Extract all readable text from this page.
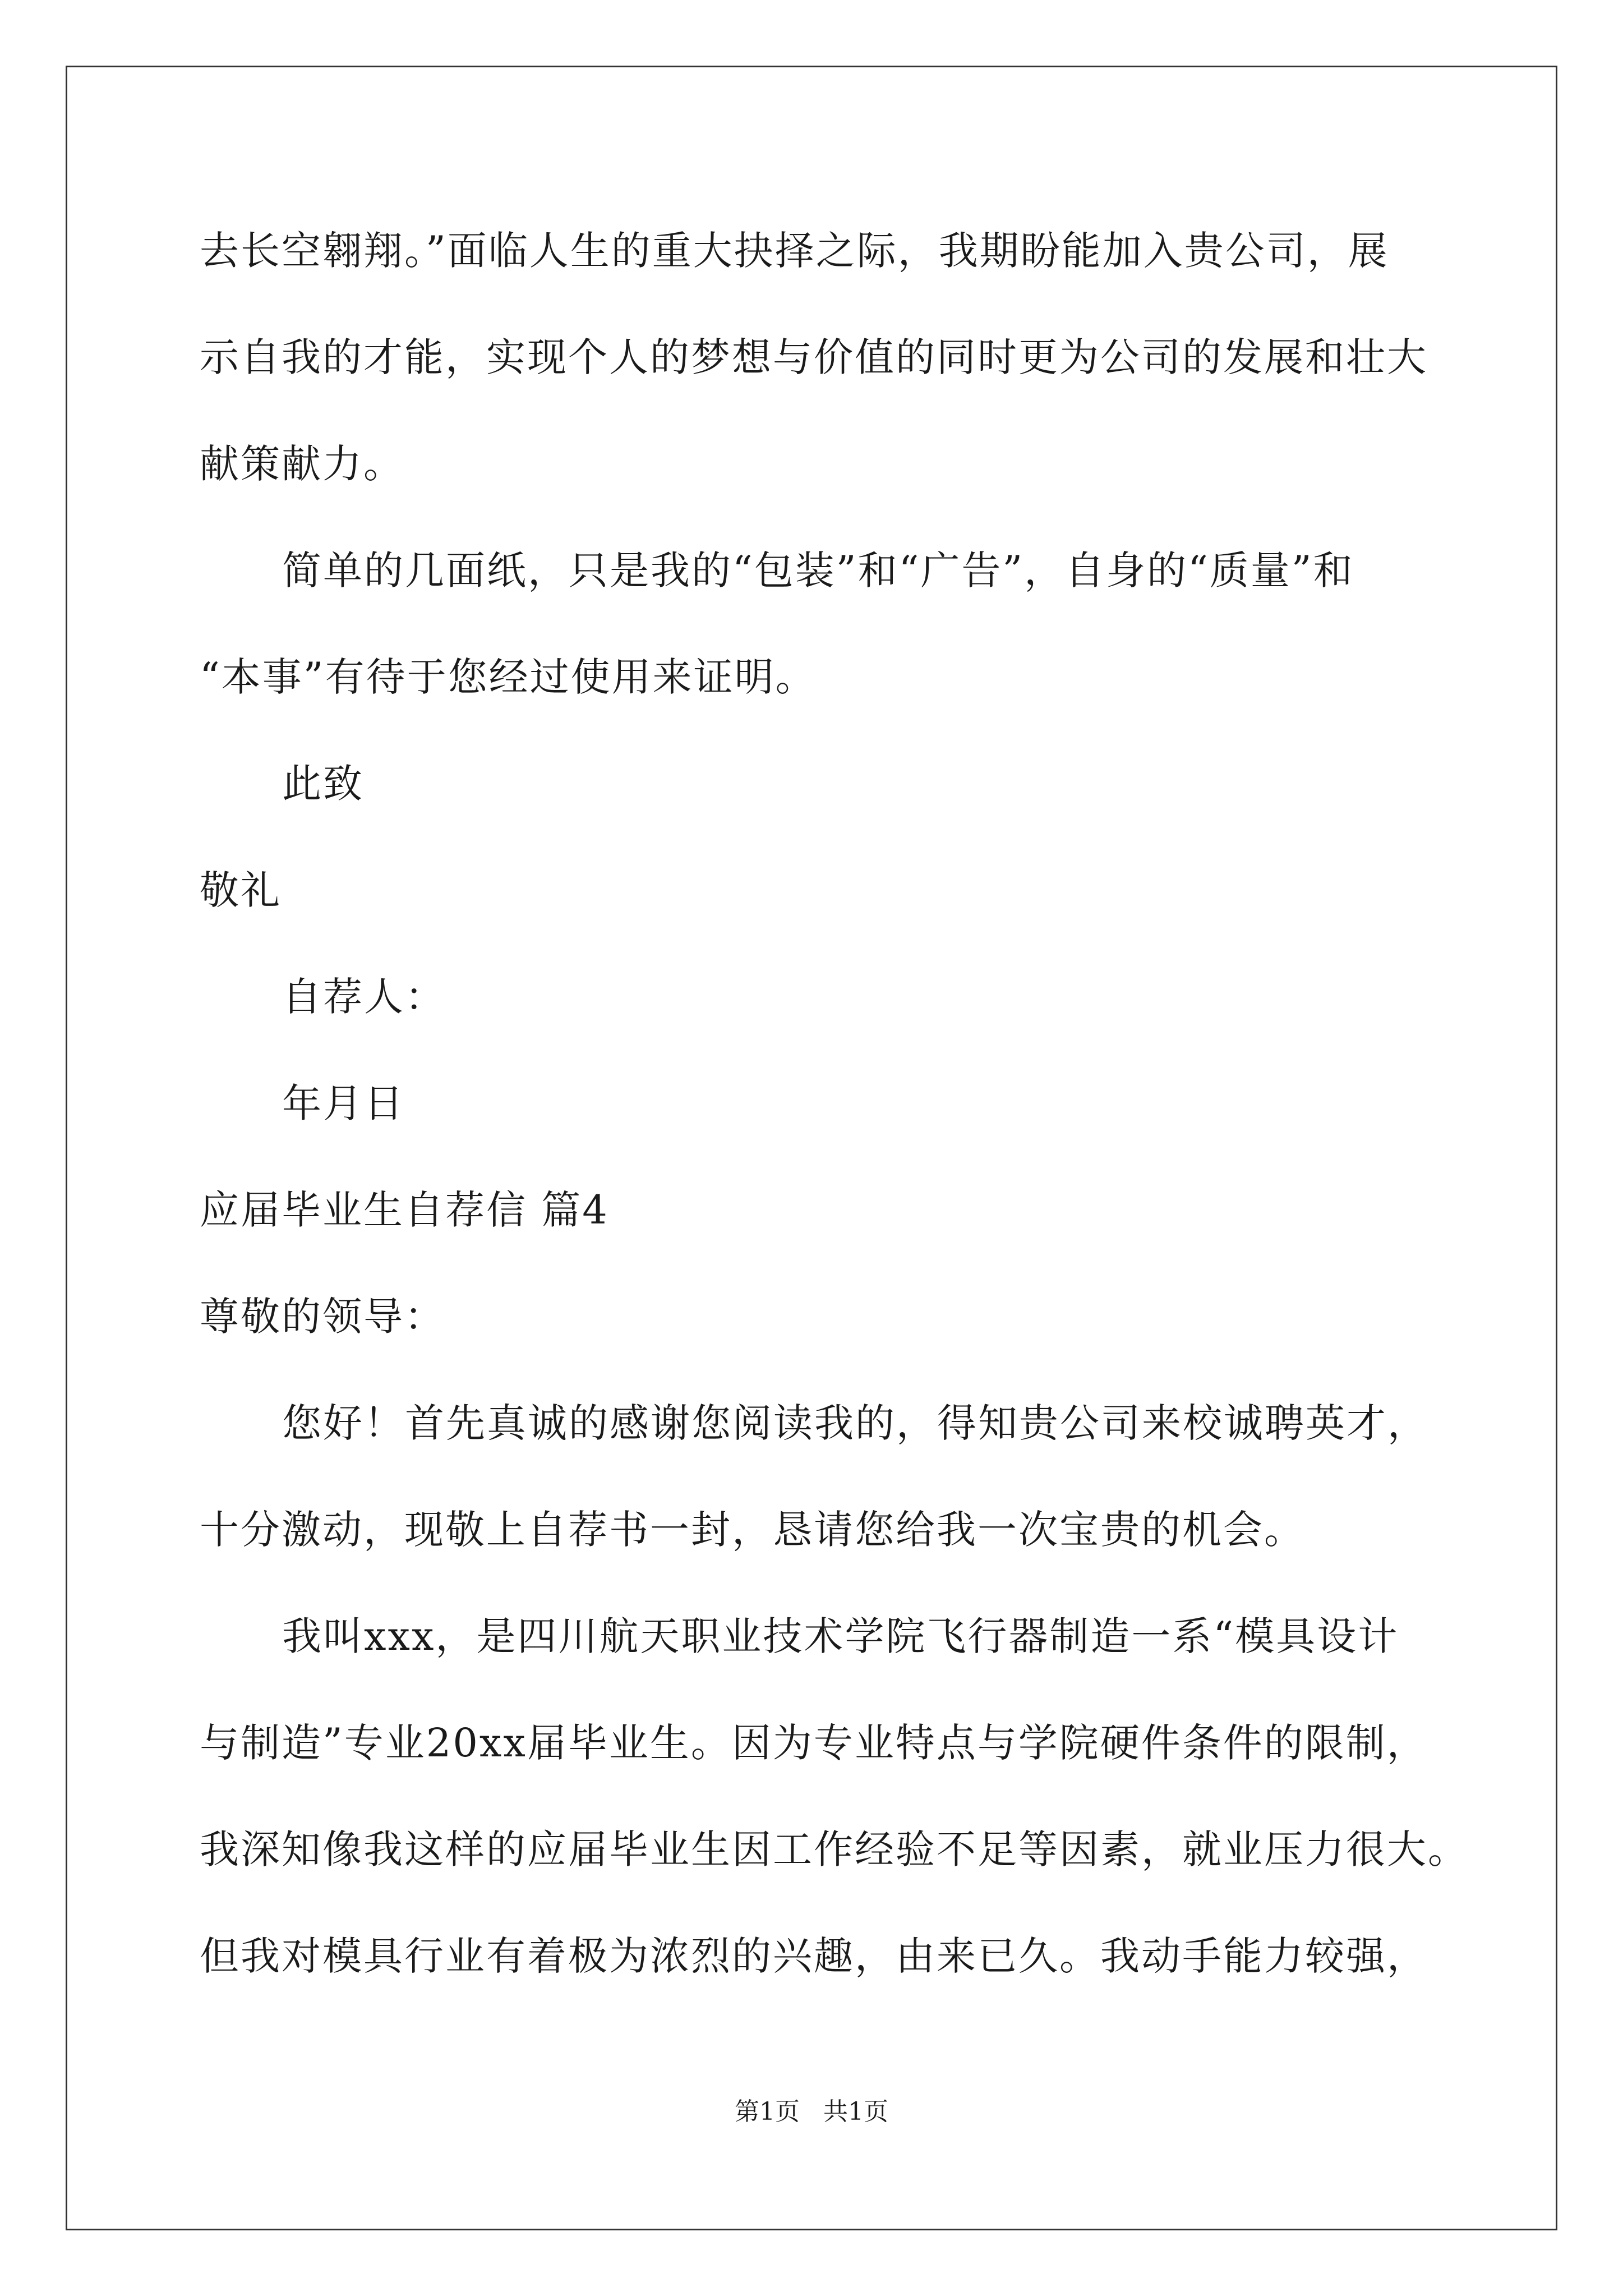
去长空翱翔。”面临人生的重大抉择之际，我期盼能加入贵公司，展
示自我的才能，实现个人的梦想与价值的同时更为公司的发展和壮大
献策献力。
简单的几面纸，只是我的“包装”和“广告”，自身的“质量”和
“本事”有待于您经过使用来证明。
此致
敬礼
自荐人：
年月日
应届毕业生自荐信 篇4
尊敬的领导：
您好！首先真诚的感谢您阅读我的，得知贵公司来校诚聘英才，
十分激动，现敬上自荐书一封，恳请您给我一次宝贵的机会。
我叫xxx，是四川航天职业技术学院飞行器制造一系“模具设计
与制造”专业20xx届毕业生。因为专业特点与学院硬件条件的限制，
我深知像我这样的应届毕业生因工作经验不足等因素，就业压力很大。
但我对模具行业有着极为浓烈的兴趣，由来已久。我动手能力较强，
第1页   共1页
